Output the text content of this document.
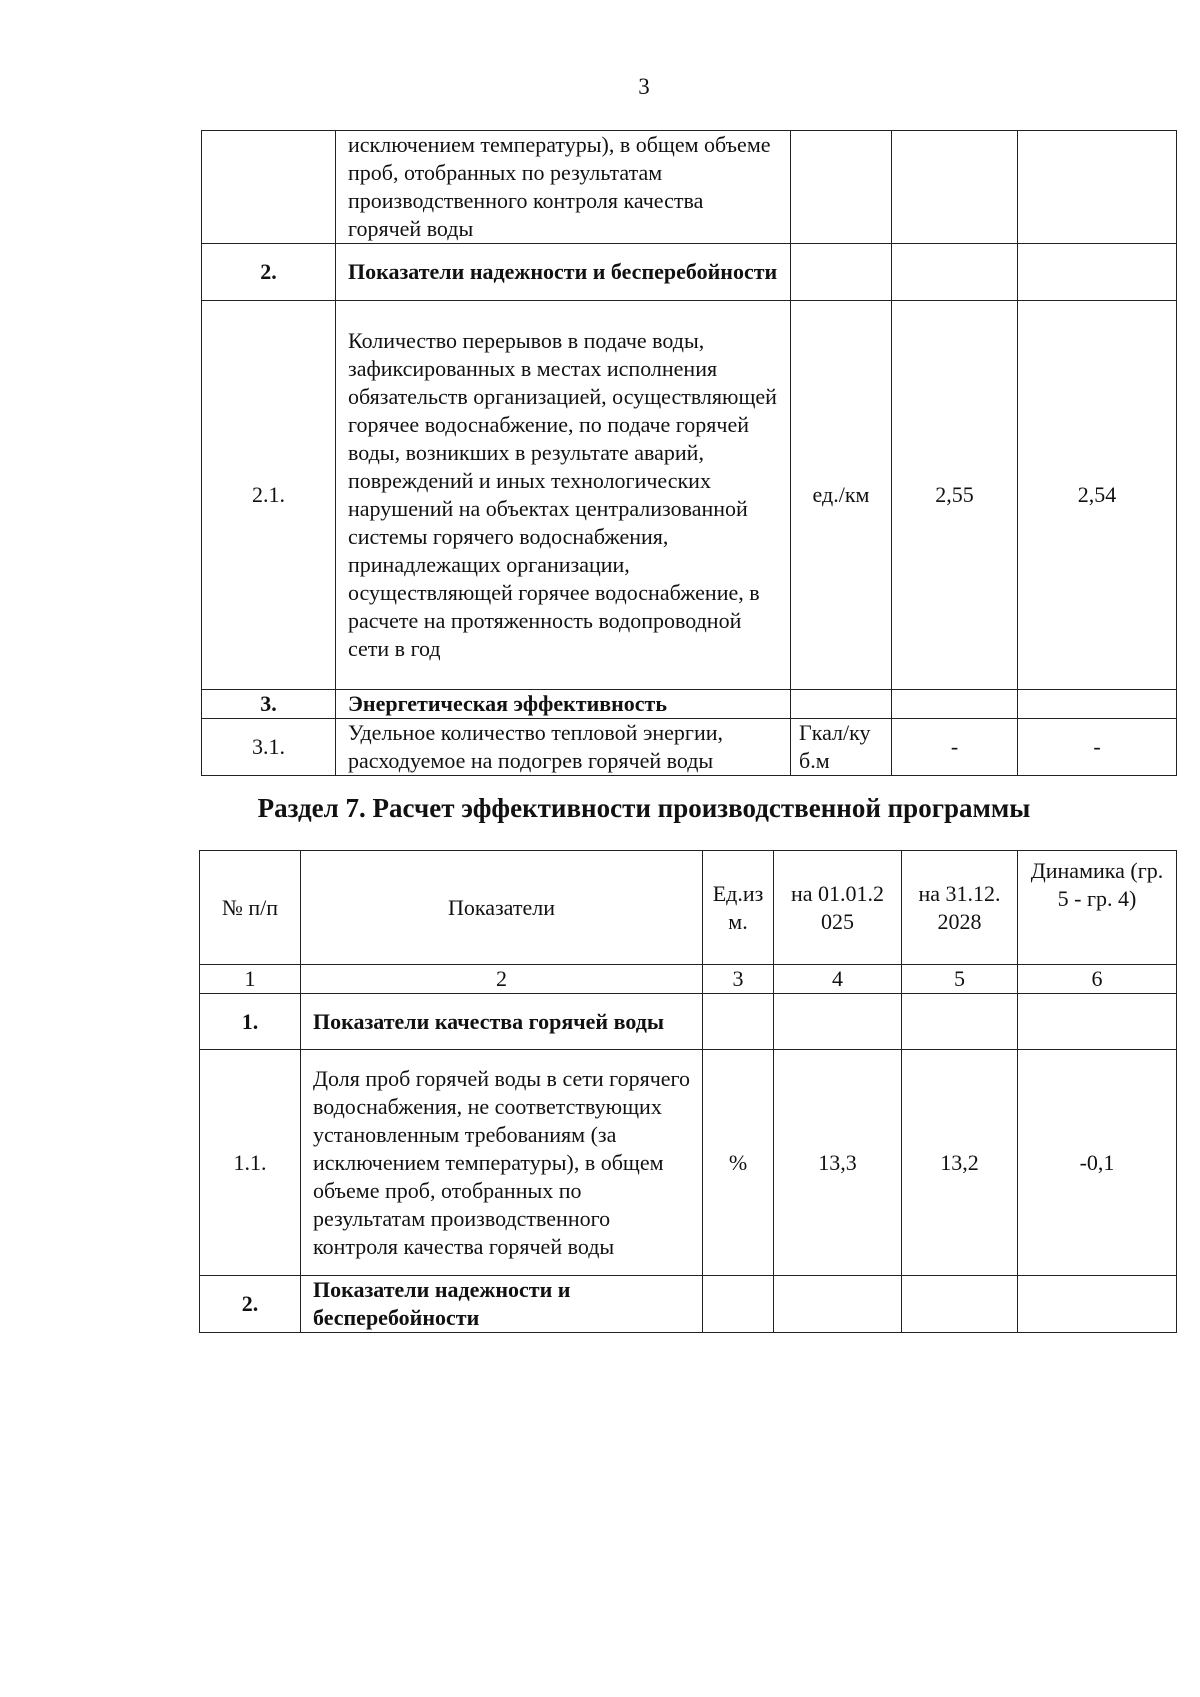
3
	исключением температуры), в общем объеме проб, отобранных по результатам производственного контроля качества горячей воды			
2.	Показатели надежности и бесперебойности			
2.1.	Количество перерывов в подаче воды, зафиксированных в местах исполнения обязательств организацией, осуществляющей горячее водоснабжение, по подаче горячей воды, возникших в результате аварий, повреждений и иных технологических нарушений на объектах централизованной системы горячего водоснабжения, принадлежащих организации, осуществляющей горячее водоснабжение, в расчете на протяженность водопроводной сети в год	ед./км	2,55	2,54
3.	Энергетическая эффективность			
3.1.	Удельное количество тепловой энергии, расходуемое на подогрев горячей воды	Гкал/куб.м	-	-
Раздел 7. Расчет эффективности производственной программы
№ п/п	Показатели	Ед.изм.	на 01.01.2025	на 31.12.2028	Динамика (гр. 5 - гр. 4)
1	2	3	4	5	6
1.	Показатели качества горячей воды				
1.1.	Доля проб горячей воды в сети горячего водоснабжения, не соответствующих установленным требованиям (за исключением температуры), в общем объеме проб, отобранных по результатам производственного контроля качества горячей воды	%	13,3	13,2	-0,1
2.	Показатели надежности и бесперебойности				
